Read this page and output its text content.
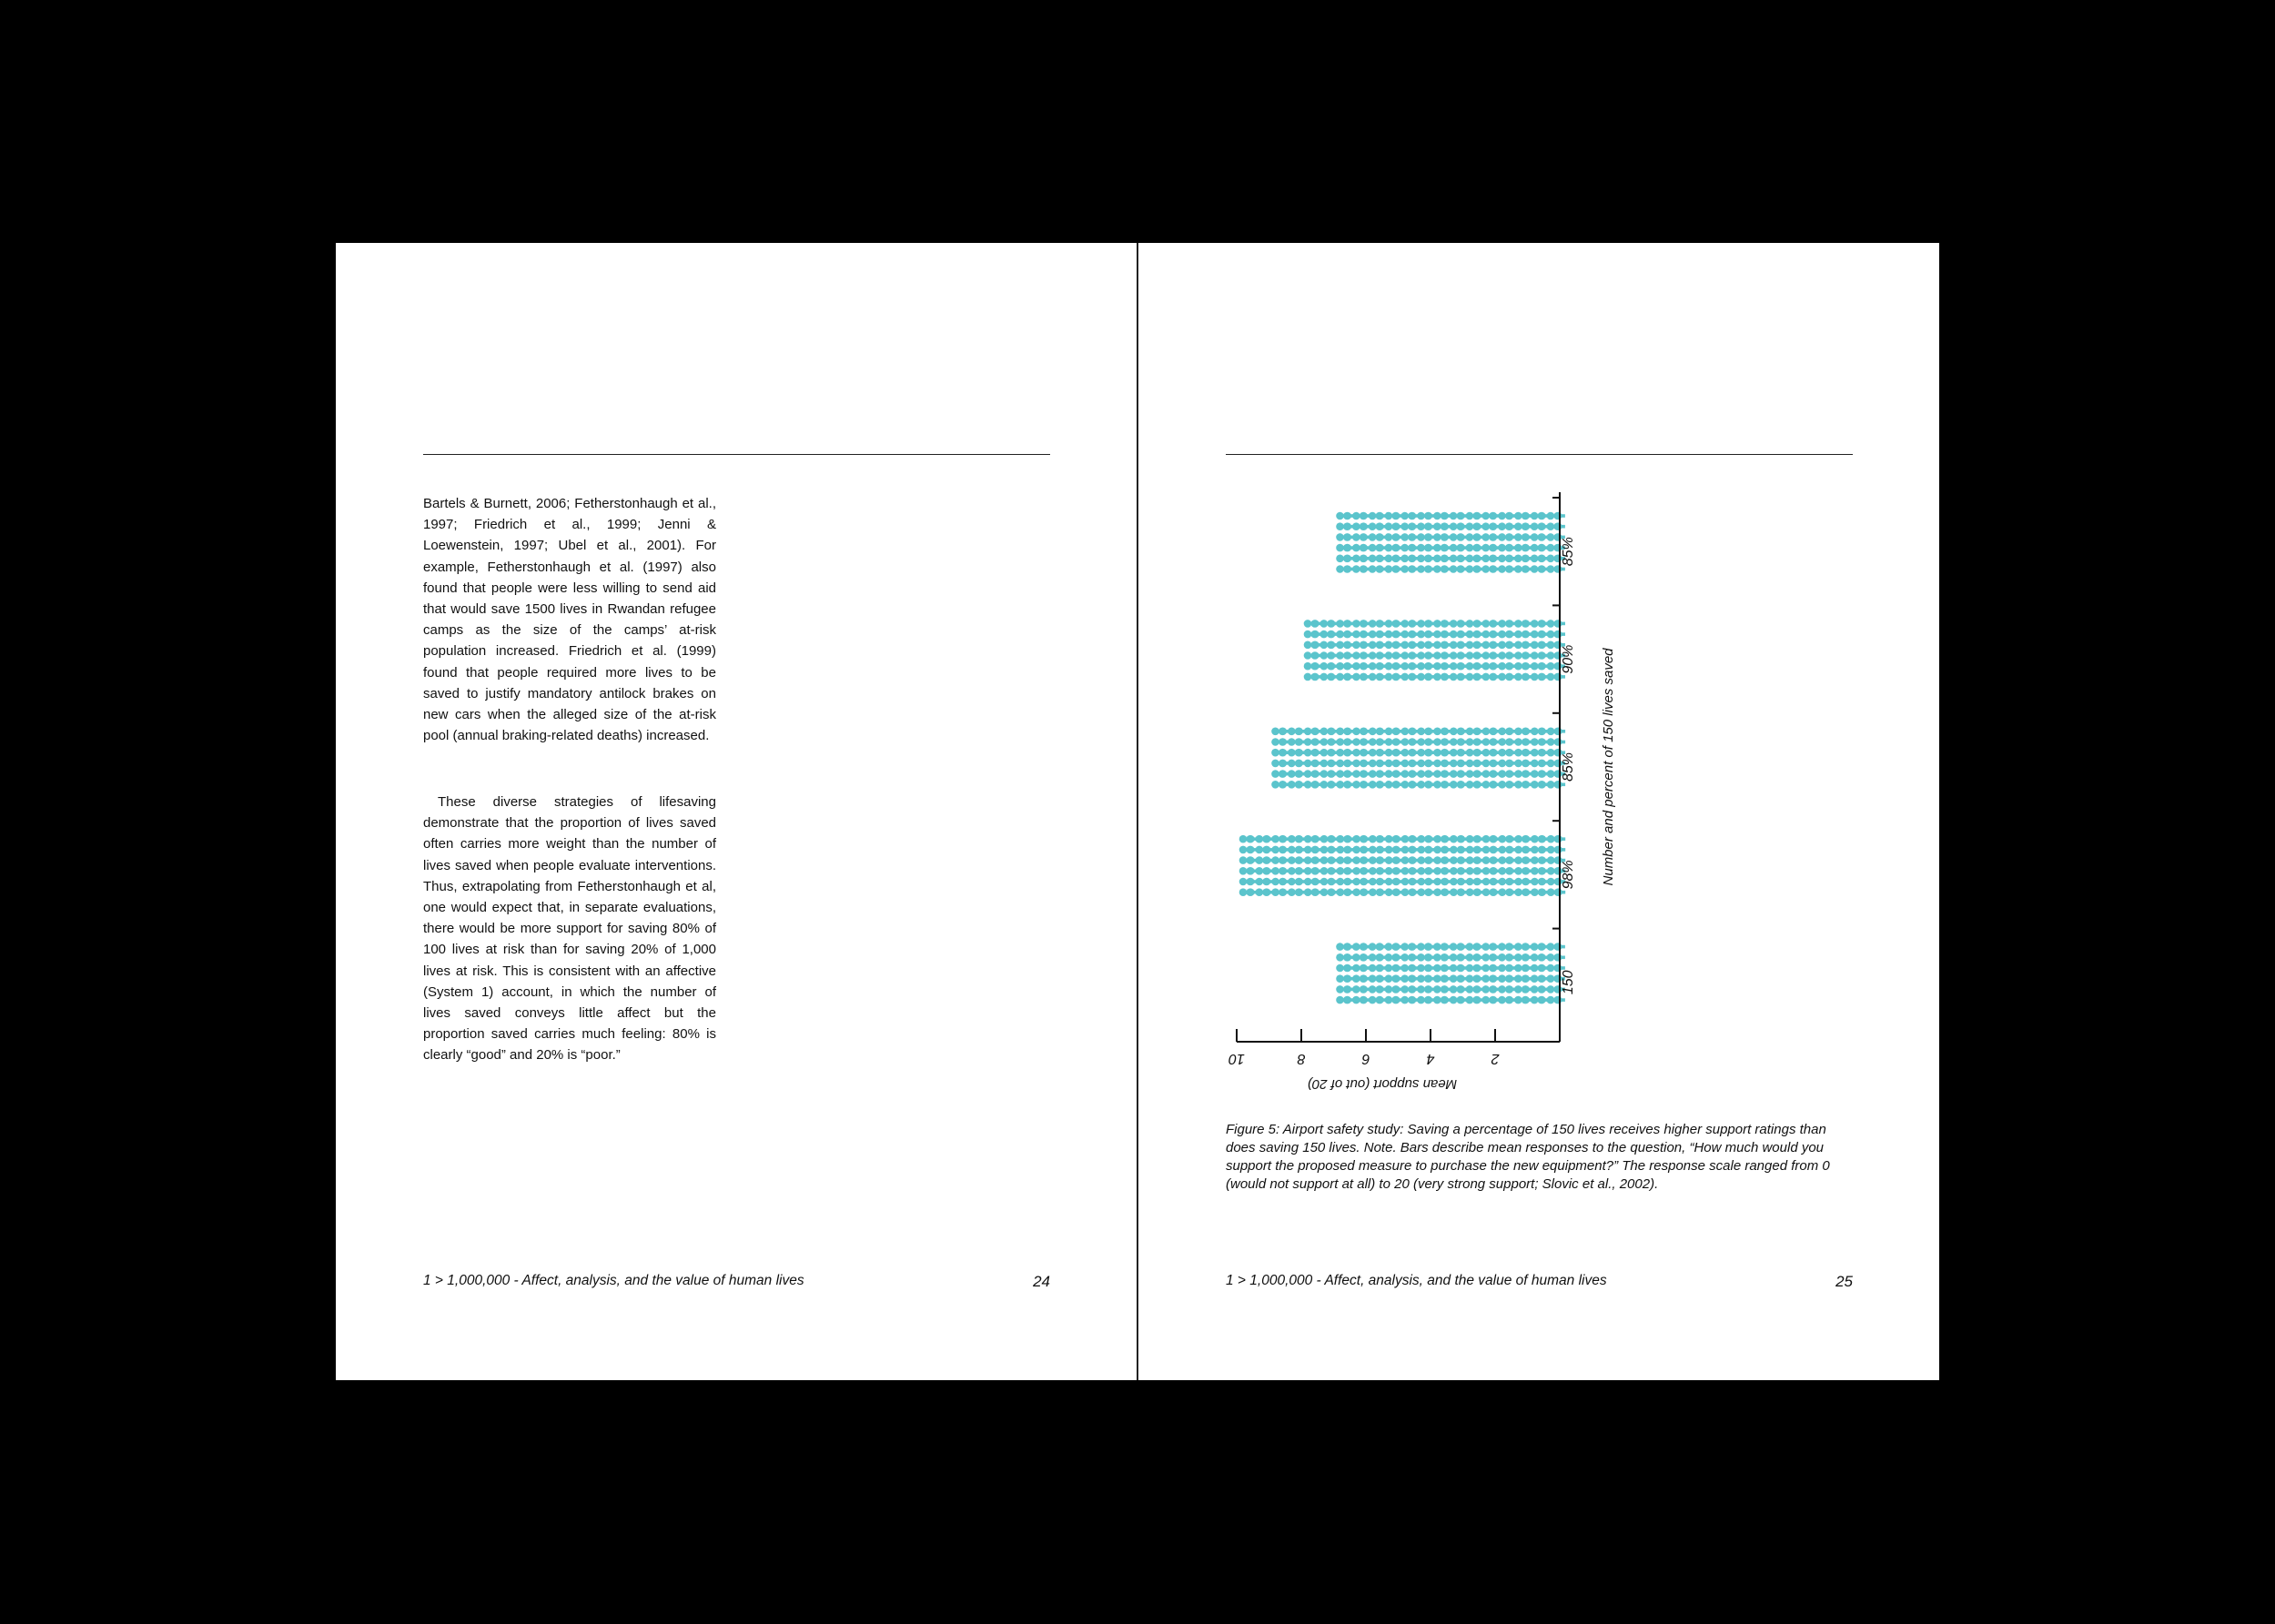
Bartels & Burnett, 2006; Fetherstonhaugh et al., 1997; Friedrich et al., 1999; Jenni & Loewenstein, 1997; Ubel et al., 2001). For example, Fetherstonhaugh et al. (1997) also found that people were less willing to send aid that would save 1500 lives in Rwandan refugee camps as the size of the camps’ at-risk population increased. Friedrich et al. (1999) found that people required more lives to be saved to justify mandatory antilock brakes on new cars when the alleged size of the at-risk pool (annual braking-related deaths) increased.

These diverse strategies of lifesaving demonstrate that the proportion of lives saved often carries more weight than the number of lives saved when people evaluate interventions. Thus, extrapolating from Fetherstonhaugh et al, one would expect that, in separate evaluations, there would be more support for saving 80% of 100 lives at risk than for saving 20% of 1,000 lives at risk. This is consistent with an affective (System 1) account, in which the number of lives saved conveys little affect but the proportion saved carries much feeling: 80% is clearly “good” and 20% is “poor.”

1 > 1,000,000 - Affect, analysis, and the value of human lives	24
2
4
6
8
10
150
98%
85%
90%
85%
Mean support (out of 20)
Number and percent of 150 lives saved

Figure 5: Airport safety study: Saving a percentage of 150 lives receives higher support ratings than does saving 150 lives. Note. Bars describe mean responses to the question, “How much would you support the proposed measure to purchase the new equipment?” The response scale ranged from 0 (would not support at all) to 20 (very strong support; Slovic et al., 2002).

1 > 1,000,000 - Affect, analysis, and the value of human lives	25
